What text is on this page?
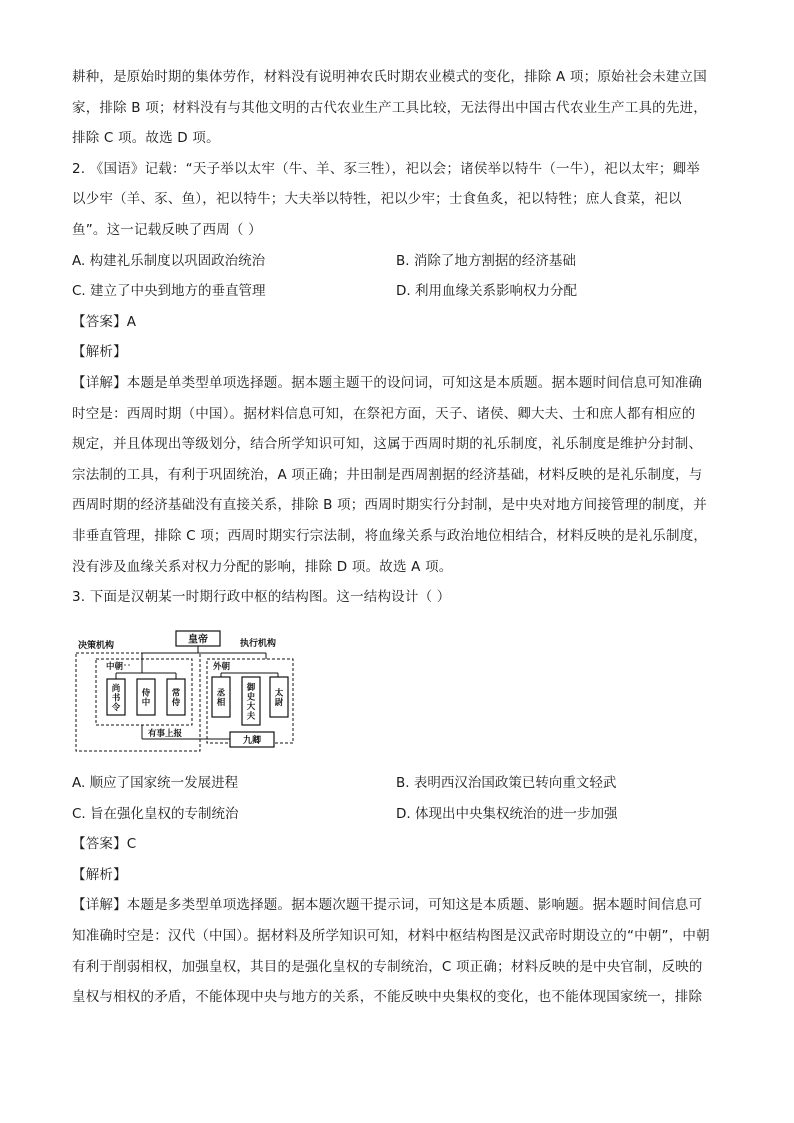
耕种，是原始时期的集体劳作，材料没有说明神农氏时期农业模式的变化，排除 A 项；原始社会未建立国
家，排除 B 项；材料没有与其他文明的古代农业生产工具比较，无法得出中国古代农业生产工具的先进，
排除 C 项。故选 D 项。
2. 《国语》记载：“天子举以太牢（牛、羊、豕三牲），祀以会；诸侯举以特牛（一牛），祀以太牢；卿举
以少牢（羊、豕、鱼），祀以特牛；大夫举以特牲，祀以少牢；士食鱼炙，祀以特牲；庶人食菜，祀以
鱼”。这一记载反映了西周（ ）
A. 构建礼乐制度以巩固政治统治	B. 消除了地方割据的经济基础
C. 建立了中央到地方的垂直管理	D. 利用血缘关系影响权力分配
【答案】A
【解析】
【详解】本题是单类型单项选择题。据本题主题干的设问词，可知这是本质题。据本题时间信息可知准确
时空是：西周时期（中国）。据材料信息可知，在祭祀方面，天子、诸侯、卿大夫、士和庶人都有相应的
规定，并且体现出等级划分，结合所学知识可知，这属于西周时期的礼乐制度，礼乐制度是维护分封制、
宗法制的工具，有利于巩固统治，A 项正确；井田制是西周割据的经济基础，材料反映的是礼乐制度，与
西周时期的经济基础没有直接关系，排除 B 项；西周时期实行分封制，是中央对地方间接管理的制度，并
非垂直管理，排除 C 项；西周时期实行宗法制，将血缘关系与政治地位相结合，材料反映的是礼乐制度，
没有涉及血缘关系对权力分配的影响，排除 D 项。故选 A 项。
3. 下面是汉朝某一时期行政中枢的结构图。这一结构设计（ ）
皇帝
决策机构	执行机构
中朝	外朝
有事上报
九卿
尚
书
令
侍
中
常
侍
丞
相
御
史
大
夫
太
尉
A. 顺应了国家统一发展进程	B. 表明西汉治国政策已转向重文轻武
C. 旨在强化皇权的专制统治	D. 体现出中央集权统治的进一步加强
【答案】C
【解析】
【详解】本题是多类型单项选择题。据本题次题干提示词，可知这是本质题、影响题。据本题时间信息可
知准确时空是：汉代（中国）。据材料及所学知识可知，材料中枢结构图是汉武帝时期设立的“中朝”，中朝
有利于削弱相权，加强皇权，其目的是强化皇权的专制统治，C 项正确；材料反映的是中央官制，反映的
皇权与相权的矛盾，不能体现中央与地方的关系，不能反映中央集权的变化，也不能体现国家统一，排除
